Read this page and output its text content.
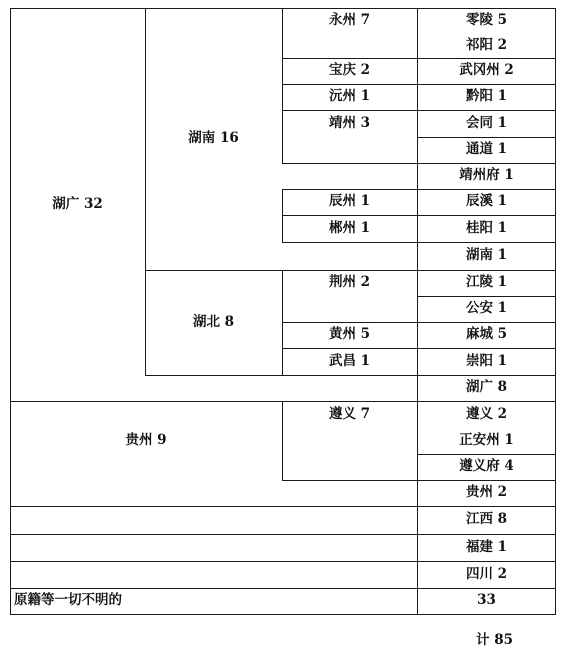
湖广 32
湖南 16
湖北 8
永州 7
宝庆 2
沅州 1
靖州 3
辰州 1
郴州 1
零陵 5
祁阳 2
武冈州 2
黔阳 1
会同 1
通道 1
靖州府 1
辰溪 1
桂阳 1
湖南 1
荆州 2
黄州 5
武昌 1
江陵 1
公安 1
麻城 5
崇阳 1
湖广 8
贵州 9
遵义 7	遵义 2
正安州 1
遵义府 4
贵州 2
江西 8
福建 1
四川 2
原籍等一切不明的	33
计 85
